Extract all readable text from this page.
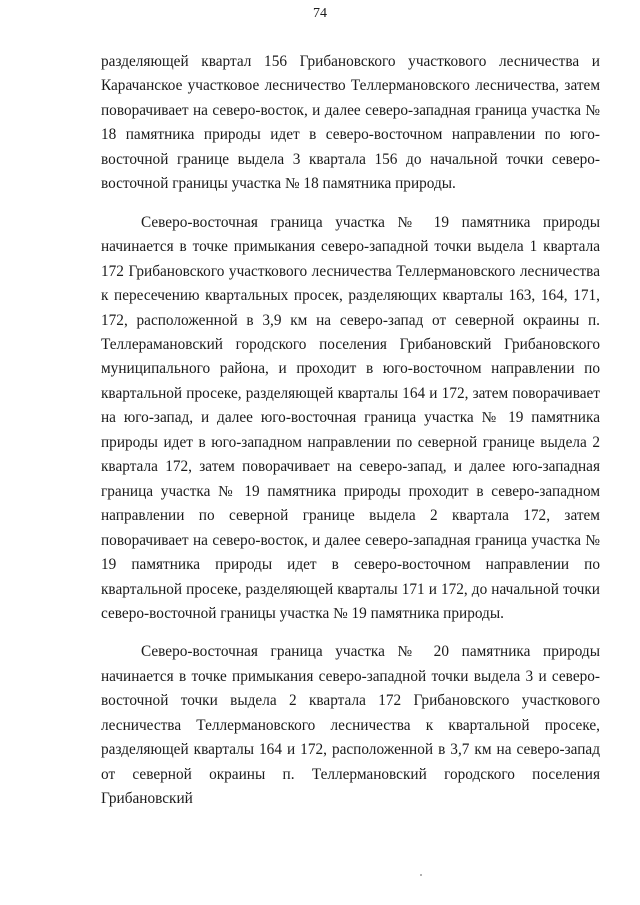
74

разделяющей квартал 156 Грибановского участкового лесничества и Карачанское участковое лесничество Теллермановского лесничества, затем поворачивает на северо-восток, и далее северо-западная граница участка № 18 памятника природы идет в северо-восточном направлении по юго-восточной границе выдела 3 квартала 156 до начальной точки северо-восточной границы участка № 18 памятника природы.

Северо-восточная граница участка № 19 памятника природы начинается в точке примыкания северо-западной точки выдела 1 квартала 172 Грибановского участкового лесничества Теллермановского лесничества к пересечению квартальных просек, разделяющих кварталы 163, 164, 171, 172, расположенной в 3,9 км на северо-запад от северной окраины п. Теллерамановский городского поселения Грибановский Грибановского муниципального района, и проходит в юго-восточном направлении по квартальной просеке, разделяющей кварталы 164 и 172, затем поворачивает на юго-запад, и далее юго-восточная граница участка № 19 памятника природы идет в юго-западном направлении по северной границе выдела 2 квартала 172, затем поворачивает на северо-запад, и далее юго-западная граница участка № 19 памятника природы проходит в северо-западном направлении по северной границе выдела 2 квартала 172, затем поворачивает на северо-восток, и далее северо-западная граница участка № 19 памятника природы идет в северо-восточном направлении по квартальной просеке, разделяющей кварталы 171 и 172, до начальной точки северо-восточной границы участка № 19 памятника природы.

Северо-восточная граница участка № 20 памятника природы начинается в точке примыкания северо-западной точки выдела 3 и северо-восточной точки выдела 2 квартала 172 Грибановского участкового лесничества Теллермановского лесничества к квартальной просеке, разделяющей кварталы 164 и 172, расположенной в 3,7 км на северо-запад от северной окраины п. Теллермановский городского поселения Грибановский
